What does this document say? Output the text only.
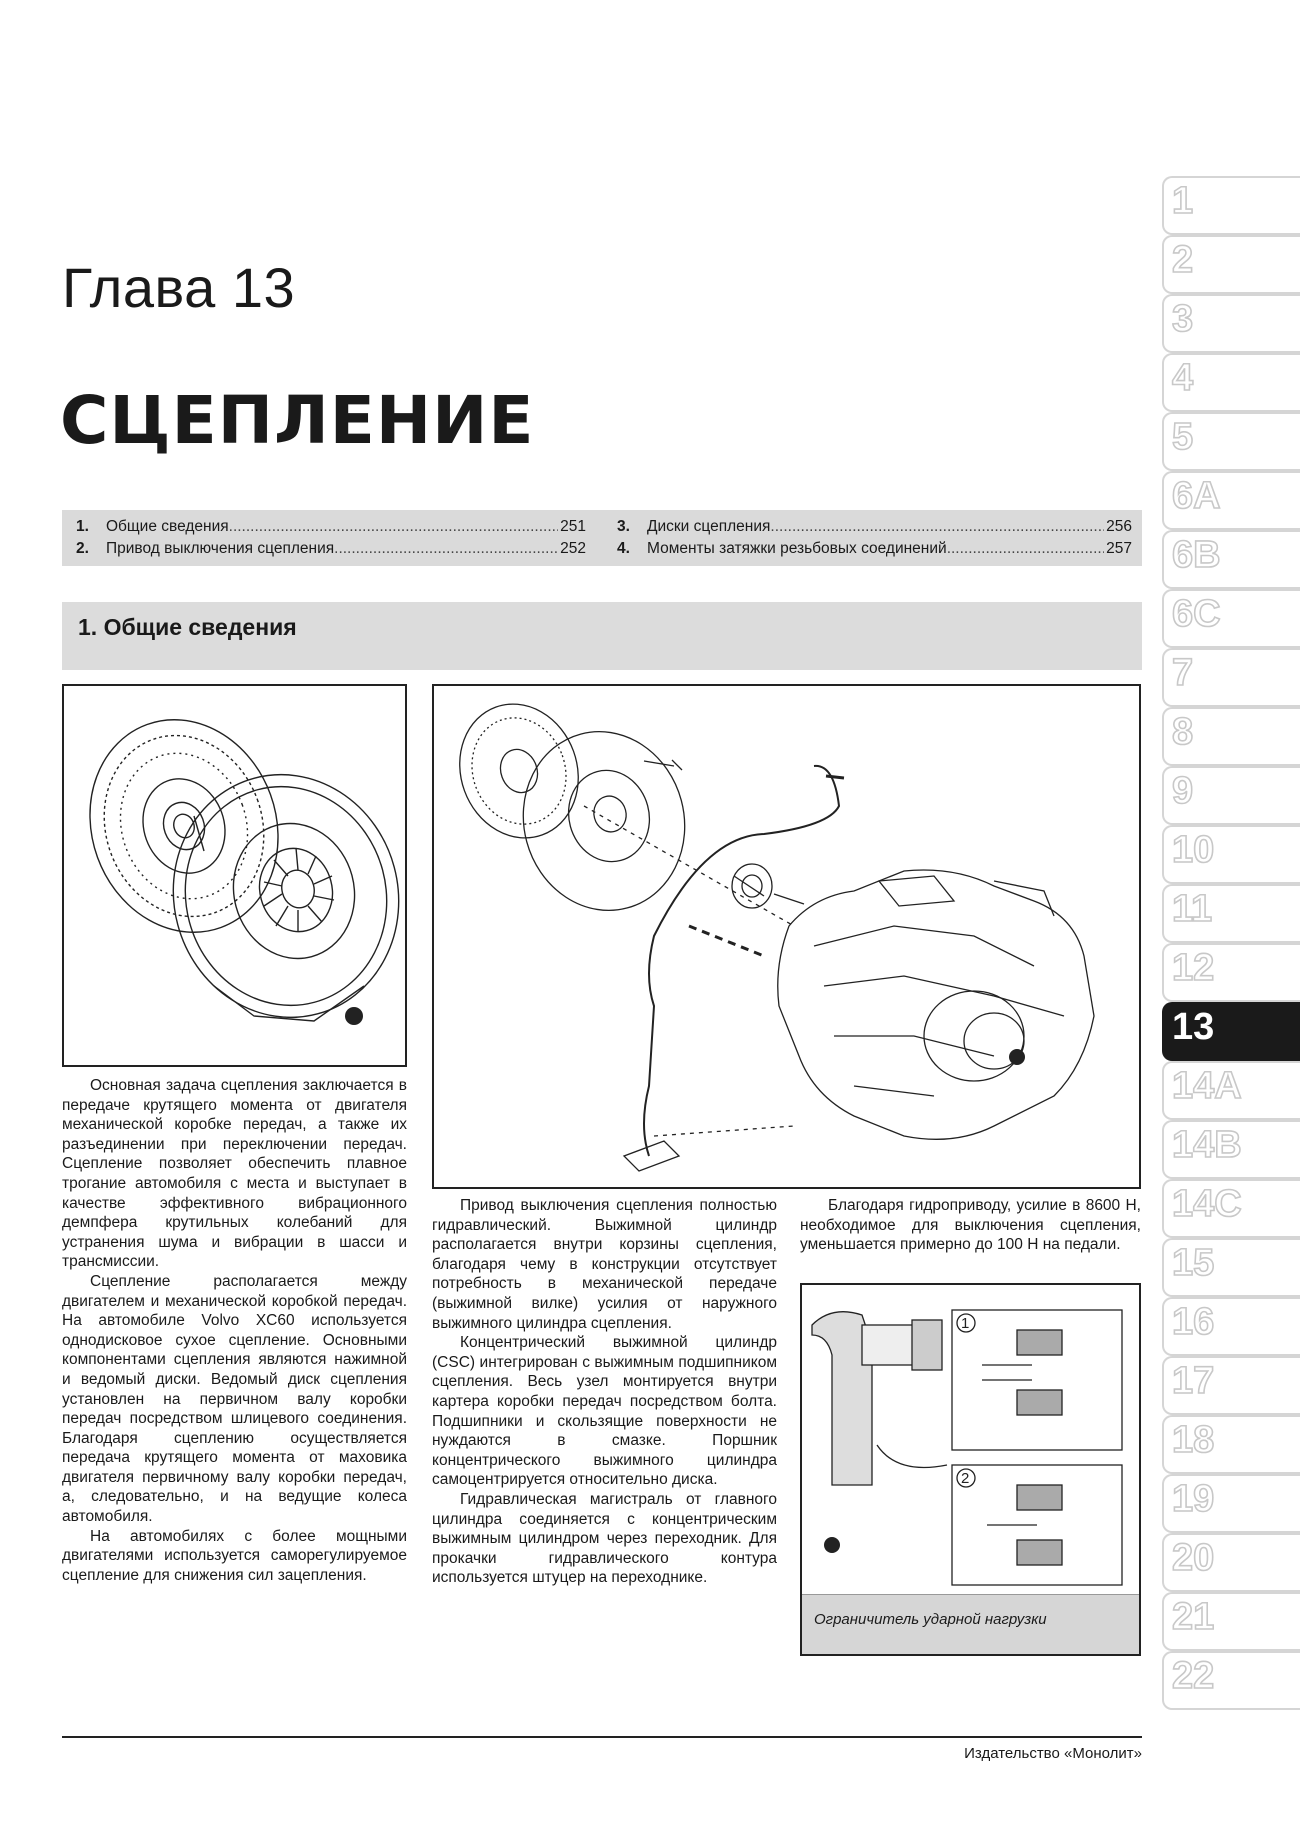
Глава 13
СЦЕПЛЕНИЕ
1.	Общие сведения .....	251
2.	Привод выключения сцепления .....	252
3.	Диски сцепления .....	256
4.	Моменты затяжки резьбовых соединений .....	257
1. Общие сведения
1
2
Ограничитель ударной нагрузки

Основная задача сцепления заключается в передаче крутящего момента от двигателя механической коробке передач, а также их разъединении при переключении передач. Сцепление позволяет обеспечить плавное трогание автомобиля с места и выступает в качестве эффективного вибрационного демпфера крутильных колебаний для устранения шума и вибрации в шасси и трансмиссии.

Сцепление располагается между двигателем и механической коробкой передач. На автомобиле Volvo XC60 используется однодисковое сухое сцепление. Основными компонентами сцепления являются нажимной и ведомый диски. Ведомый диск сцепления установлен на первичном валу коробки передач посредством шлицевого соединения. Благодаря сцеплению осуществляется передача крутящего момента от маховика двигателя первичному валу коробки передач, а, следовательно, и на ведущие колеса автомобиля.

На автомобилях с более мощными двигателями используется саморегулируемое сцепление для снижения сил зацепления.

Привод выключения сцепления полностью гидравлический. Выжимной цилиндр располагается внутри корзины сцепления, благодаря чему в конструкции отсутствует потребность в механической передаче (выжимной вилке) усилия от наружного выжимного цилиндра сцепления.

Концентрический выжимной цилиндр (CSC) интегрирован с выжимным подшипником сцепления. Весь узел монтируется внутри картера коробки передач посредством болта. Подшипники и скользящие поверхности не нуждаются в смазке. Поршник концентрического выжимного цилиндра самоцентрируется относительно диска.

Гидравлическая магистраль от главного цилиндра соединяется с концентрическим выжимным цилиндром через переходник. Для прокачки гидравлического контура используется штуцер на переходнике.

Благодаря гидроприводу, усилие в 8600 Н, необходимое для выключения сцепления, уменьшается примерно до 100 Н на педали.

Издательство «Монолит»
1
2
3
4
5
6A
6B
6C
7
8
9
10
11
12
13
14A
14B
14C
15
16
17
18
19
20
21
22
